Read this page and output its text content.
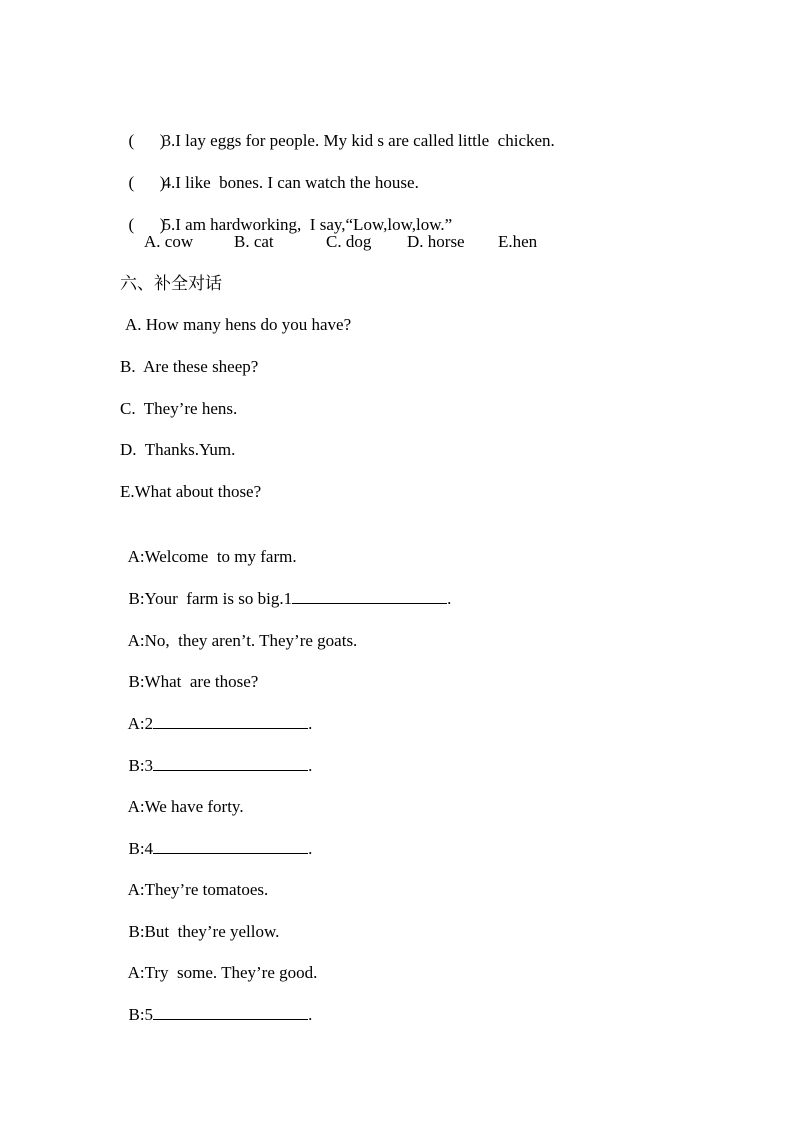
(      )3.I lay eggs for people. My kid s are called little  chicken.

(      )4.I like  bones. I can watch the house.

(      )5.I am hardworking,  I say,“Low,low,low.”

A. cow B. cat	C. dog D. horse E.hen
六、补全对话
A. How many hens do you have?
B.  Are these sheep?
C.  They’re hens.
D.  Thanks.Yum.
E.What about those?

A:Welcome  to my farm.

B:Your  farm is so big.1	.

A:No,  they aren’t. They’re goats.

B:What  are those?

A:2	.

B:3	.

A:We have forty.

B:4	.

A:They’re tomatoes.

B:But  they’re yellow.

A:Try  some. They’re good.

B:5	.
